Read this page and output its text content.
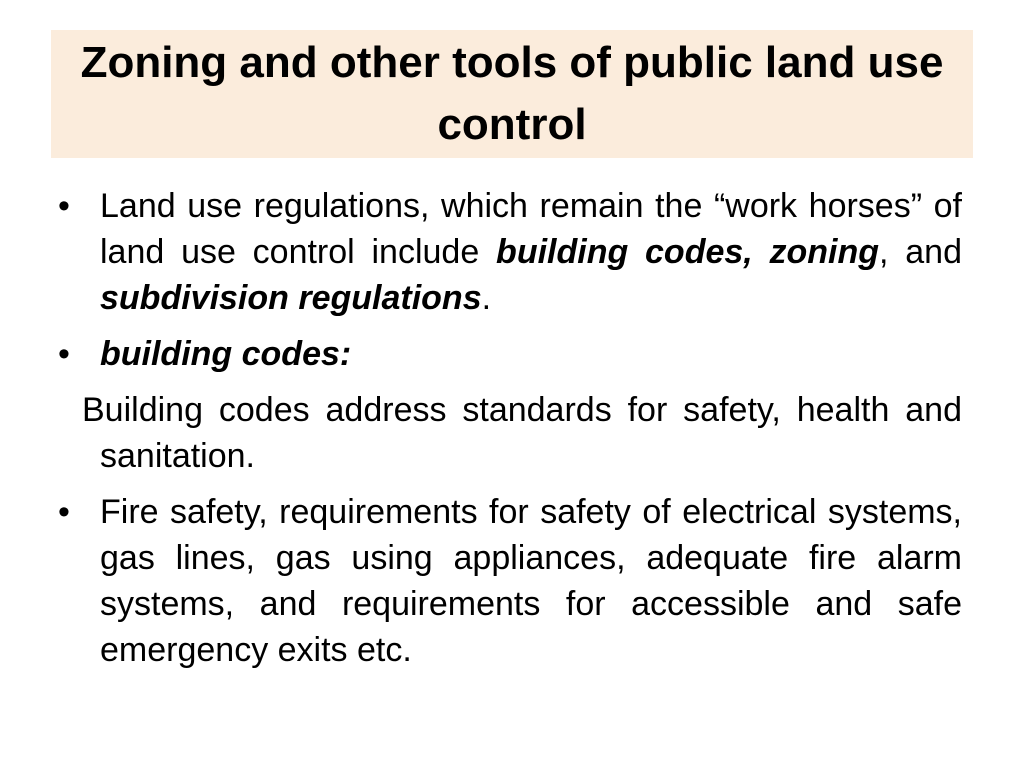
Zoning and other tools of public land use control
• Land use regulations, which remain the “work horses” of land use control include building codes, zoning, and subdivision regulations.
• building codes:
Building codes address standards for safety, health and sanitation.
• Fire safety, requirements for safety of electrical systems, gas lines, gas using appliances, adequate fire alarm systems, and requirements for accessible and safe emergency exits etc.
